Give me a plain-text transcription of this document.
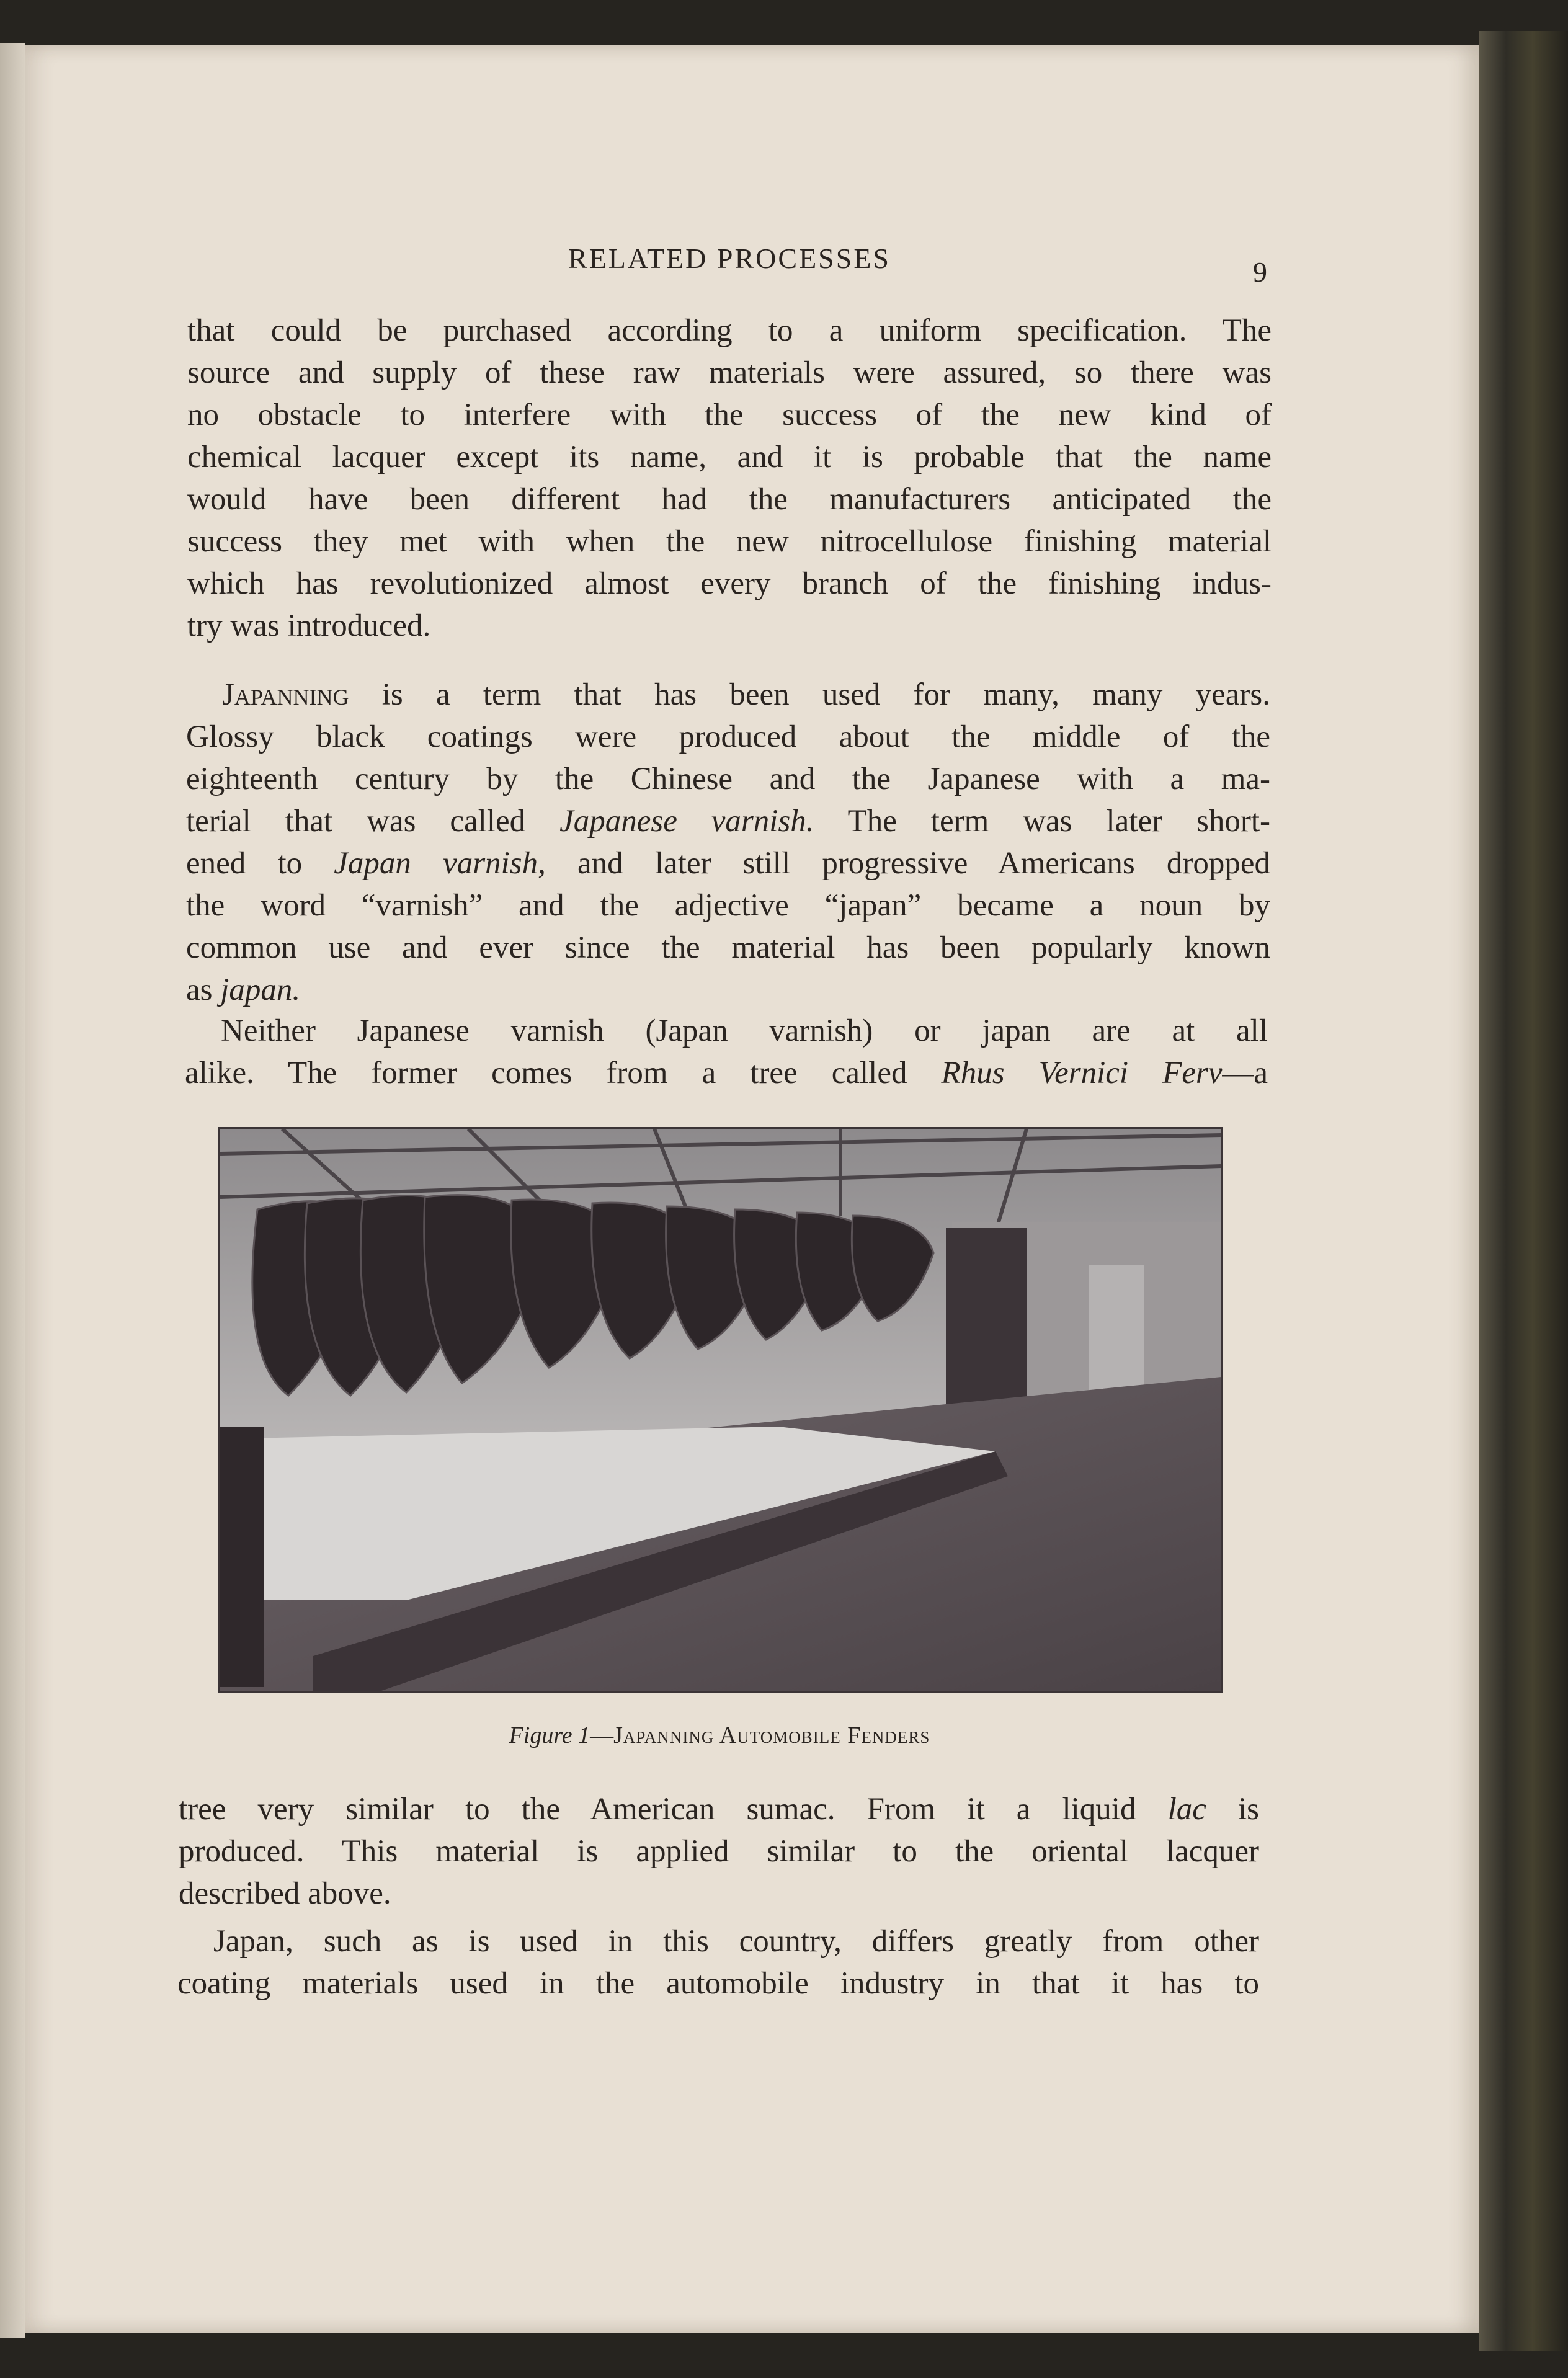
RELATED PROCESSES	9
that could be purchased according to a uniform specification. The
source and supply of these raw materials were assured, so there was
no obstacle to interfere with the success of the new kind of
chemical lacquer except its name, and it is probable that the name
would have been different had the manufacturers anticipated the
success they met with when the new nitrocellulose finishing material
which has revolutionized almost every branch of the finishing indus-
try was introduced.
Japanning is a term that has been used for many, many years.
Glossy black coatings were produced about the middle of the
eighteenth century by the Chinese and the Japanese with a ma-
terial that was called Japanese varnish. The term was later short-
ened to Japan varnish, and later still progressive Americans dropped
the word “varnish” and the adjective “japan” became a noun by
common use and ever since the material has been popularly known
as japan.
Neither Japanese varnish (Japan varnish) or japan are at all
alike. The former comes from a tree called Rhus Vernici Ferv—a
Figure 1—Japanning Automobile Fenders
tree very similar to the American sumac. From it a liquid lac is
produced. This material is applied similar to the oriental lacquer
described above.
Japan, such as is used in this country, differs greatly from other
coating materials used in the automobile industry in that it has to
